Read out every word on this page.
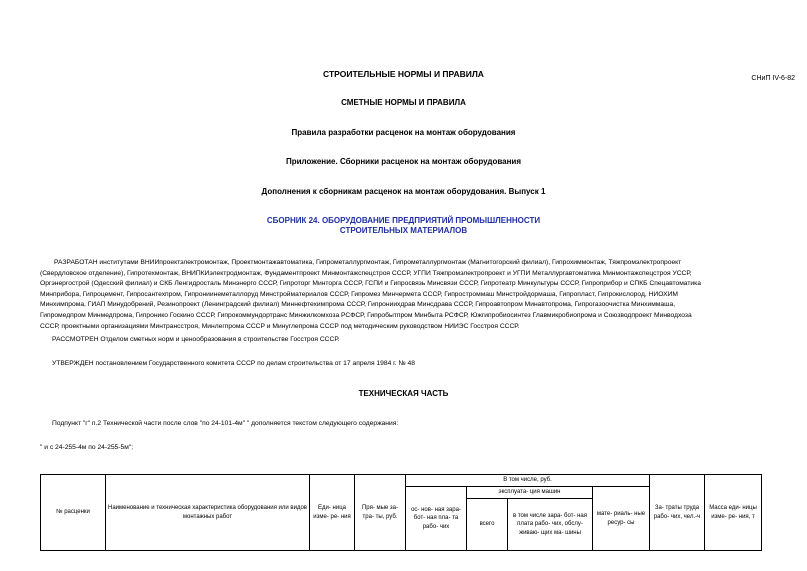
СНиП IV-6-82
СТРОИТЕЛЬНЫЕ НОРМЫ И ПРАВИЛА
СМЕТНЫЕ НОРМЫ И ПРАВИЛА
Правила разработки расценок на монтаж оборудования
Приложение. Сборники расценок на монтаж оборудования
Дополнения к сборникам расценок на монтаж оборудования. Выпуск 1
СБОРНИК 24. ОБОРУДОВАНИЕ ПРЕДПРИЯТИЙ ПРОМЫШЛЕННОСТИ
СТРОИТЕЛЬНЫХ МАТЕРИАЛОВ
РАЗРАБОТАН институтами ВНИИпроектэлектромонтаж, Проектмонтажавтоматика, Гипрометаллургмонтаж, Гипрометаллургмонтаж (Магнитогорский филиал), Гипрохиммонтаж, Тяжпромэлектропроект
(Свердловское отделение), Гипротехмонтаж, ВНИПКИэлектродмонтаж, Фундаментпроект Минмонтажспецстроя СССР, УГПИ Тяжпромэлектропроект и УГПИ Металлургавтоматика Минмонтажспецстроя УССР,
Оргэнергострой (Одесский филиал) и СКБ Ленгидросталь Минэнерго СССР, Гипроторг Минторга СССР, ГСПИ и Гипросвязь Минсвязи СССР, Гипротеатр Минкультуры СССР, Гипроприбор и СПКБ Спецавтоматика
Минприбора, Гипроцемент, Гипросантехпром, Гипрониинеметаллоруд Минстройматериалов СССР, Гипромез Минчермета СССР, Гипростроммаш Минстройдормаша, Гипропласт, Гипрокислород, НИОХИМ
Минхимпрома, ГИАП Минудобрений, Резинопроект (Ленинградский филиал) Миннефтехимпрома СССР, Гипрониихдрав Минсдрава СССР, Гипроавтопром Минавтопрома, Гипрогазоочистка Минхиммаша,
Гипромедпром Минмедпрома, Гипронико Госкино СССР, Гипрокоммундортранс Минжилкомхоза РСФСР, Гипробытпром Минбыта РСФСР, Южгипробиосинтез Главмикробиопрома и Союзводпроект Минводхоза
СССР, проектными организациями Минтрансстроя, Минлегпрома СССР и Минуглепрома СССР под методическим руководством НИИЭС Госстроя СССР.
РАССМОТРЕН Отделом сметных норм и ценообразования в строительстве Госстроя СССР.
УТВЕРЖДЕН постановлением Государственного комитета СССР по делам строительства от 17 апреля 1984 г. № 48
ТЕХНИЧЕСКАЯ ЧАСТЬ
Подпункт "г" п.2 Технической части после слов "по 24-101-4м" " дополняется текстом следующего содержания:
" и с 24-255-4м по 24-255-5м";
№ расценки	Наименование и техническая характеристика оборудования или видов монтажных работ	Еди- ница изме- ре- ния	Пря- мые за- тра- ты, руб.	В том числе, руб.				За- траты труда рабо- чих, чел.-ч	Масса еди- ницы изме- ре- ния, т
				ос- нов- ная зара- бот- ная пла- та рабо- чих	эксплуата- ция машин		мате- риаль- ные ресур- сы		
					всего	в том числе зара- бот- ная плата рабо- чих, обслу- живаю- щих ма- шины			
